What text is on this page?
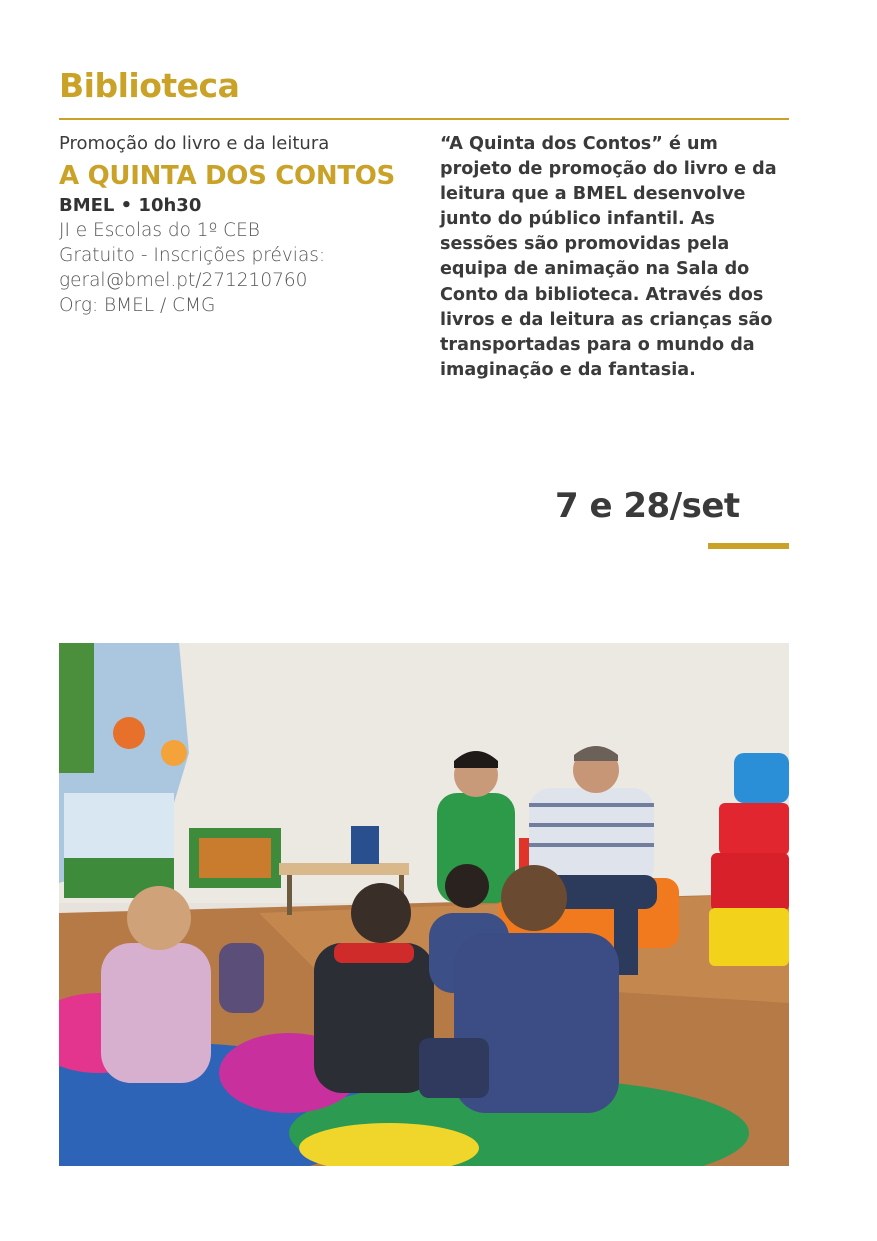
Biblioteca

Promoção do livro e da leitura

A QUINTA DOS CONTOS

BMEL • 10h30

JI e Escolas do 1º CEB

Gratuito - Inscrições prévias:

geral@bmel.pt/271210760

Org: BMEL / CMG

“A Quinta dos Contos” é um projeto de promoção do livro e da leitura que a BMEL desenvolve junto do público infantil. As sessões são promovidas pela equipa de animação na Sala do Conto da biblioteca. Através dos livros e da leitura as crianças são transportadas para o mundo da imaginação e da fantasia.
7 e 28/set
